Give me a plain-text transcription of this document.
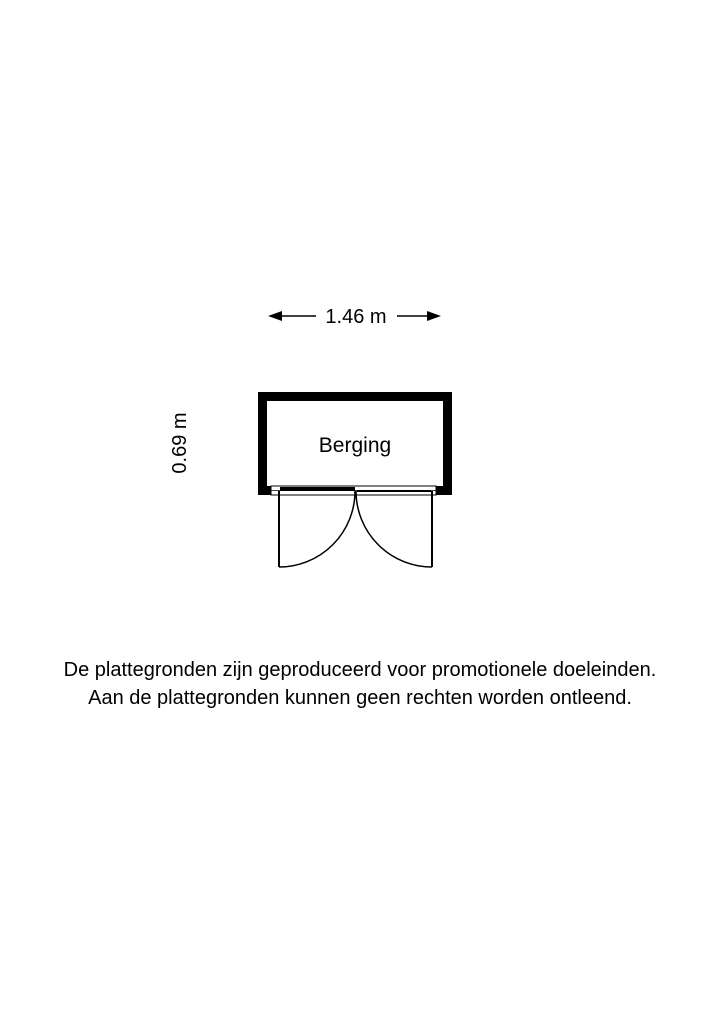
1.46 m
0.69 m	Berging
De plattegronden zijn geproduceerd voor promotionele doeleinden.
Aan de plattegronden kunnen geen rechten worden ontleend.
